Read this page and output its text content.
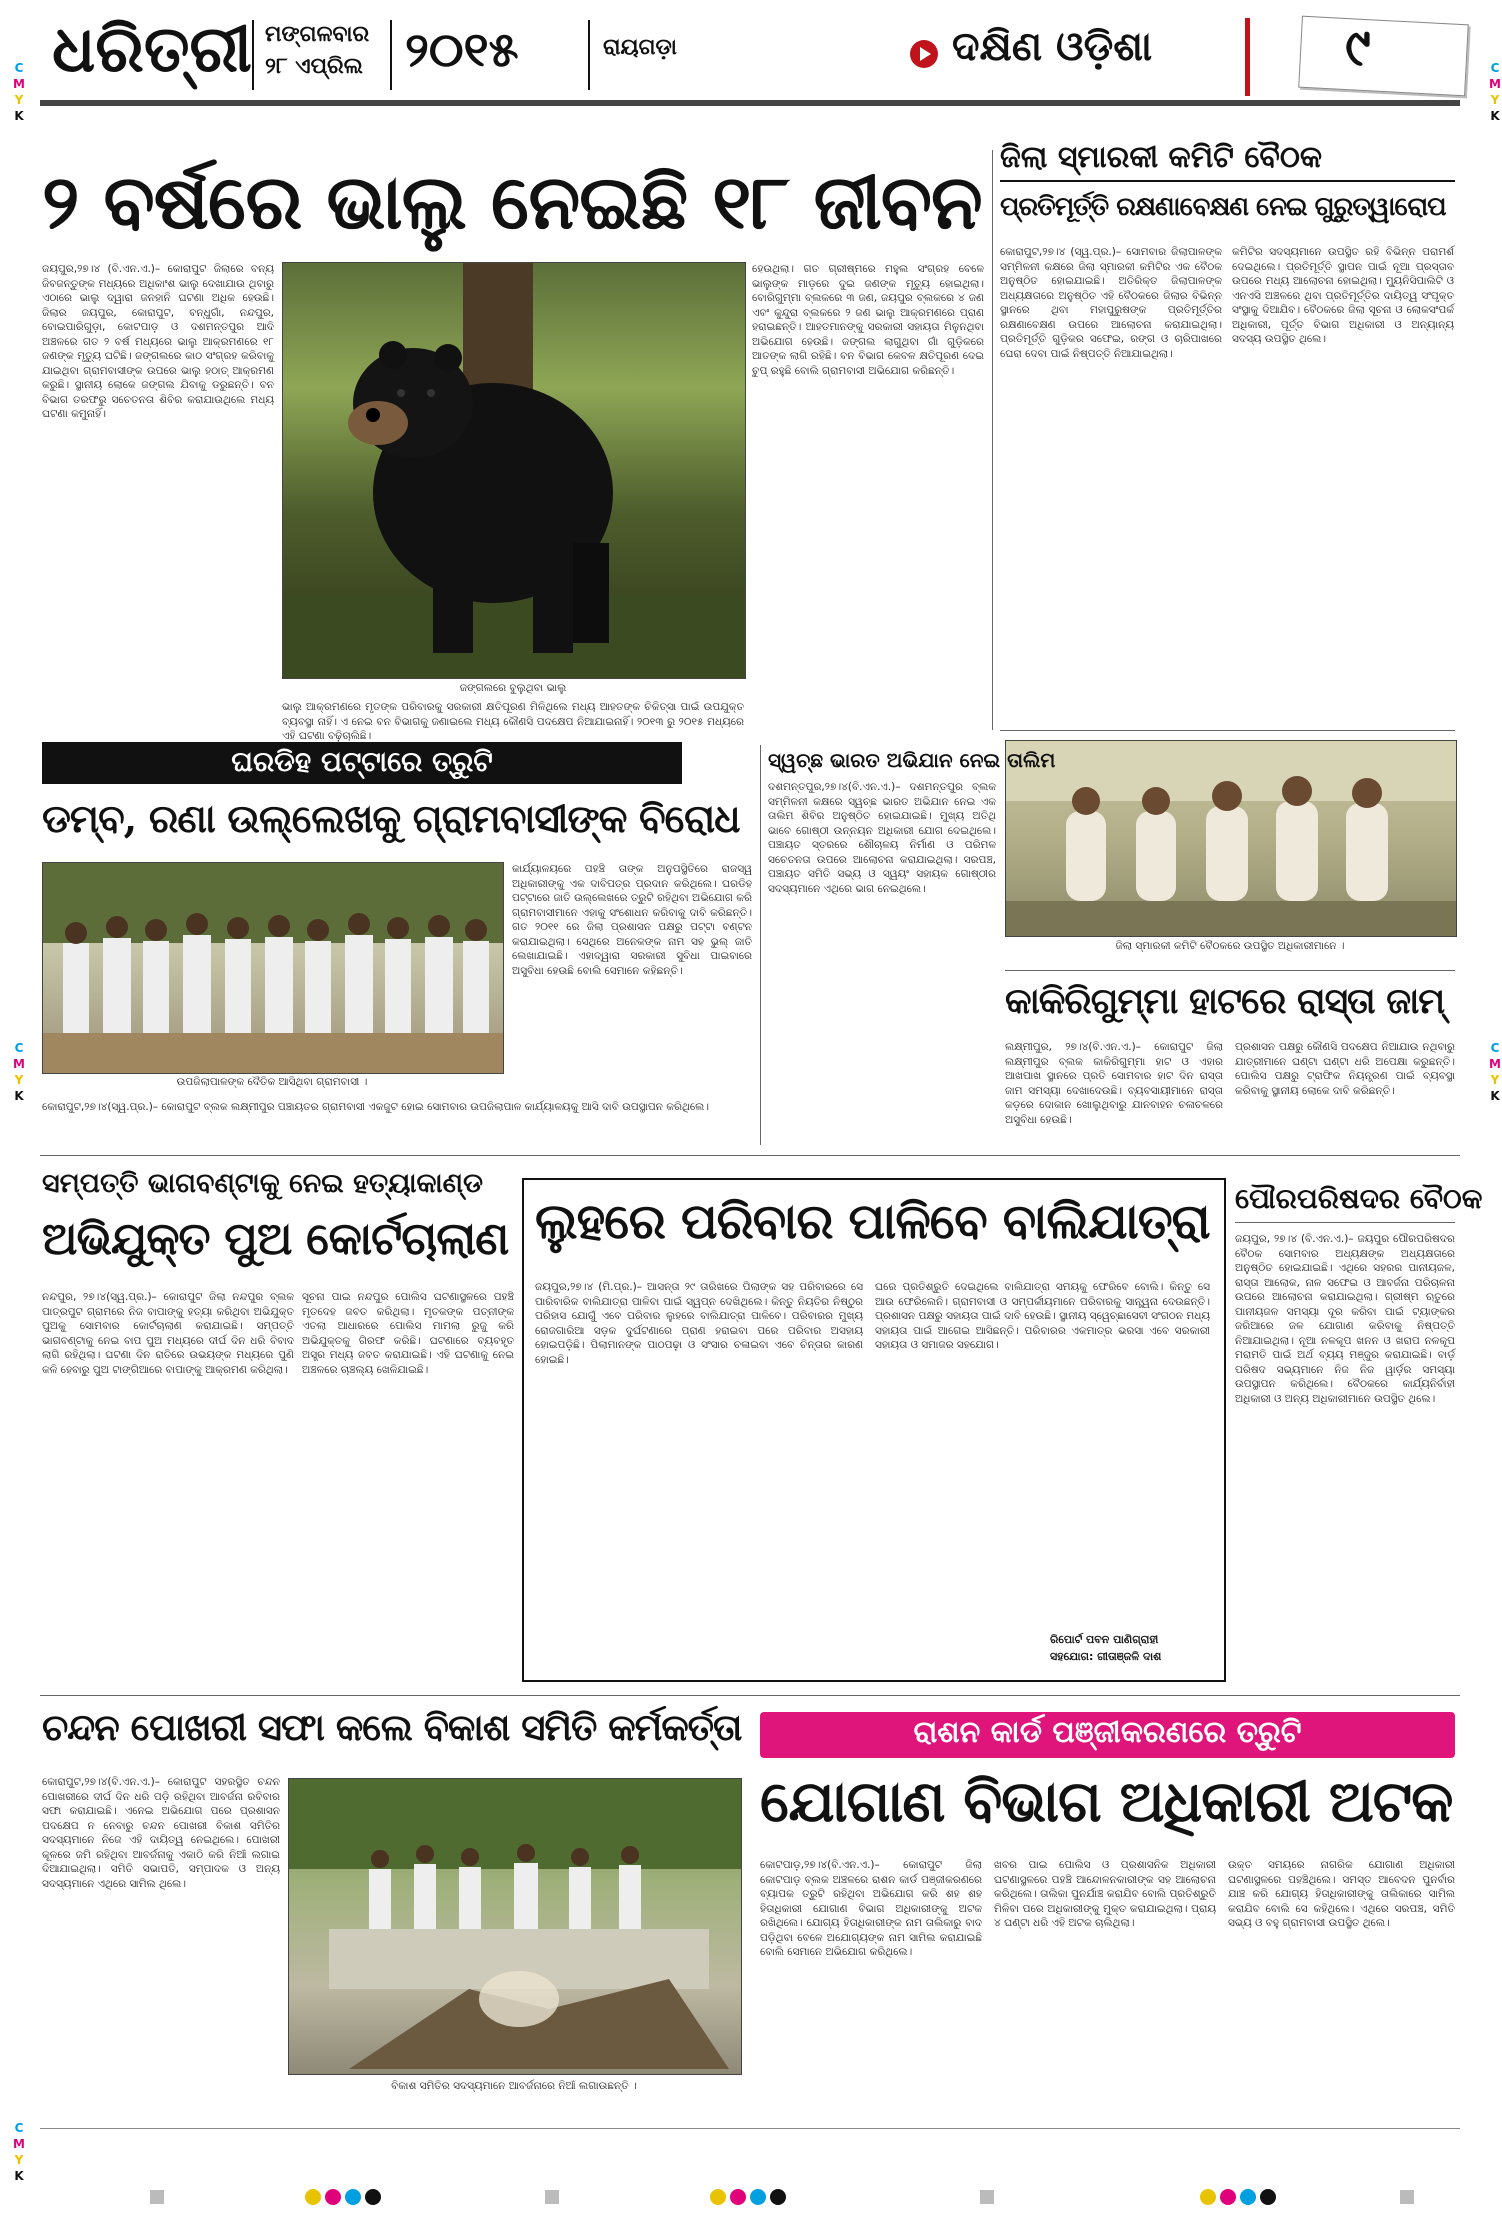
C
M
Y
K
C
M
Y
K
C
M
Y
K
C
M
Y
K
C
M
Y
K
ଧରିତ୍ରୀ ମଙ୍ଗଳବାର
୨୮ ଏପ୍ରିଲ ୨୦୧୫	ରାୟଗଡ଼ା	ଦକ୍ଷିଣ ଓଡ଼ିଶା	୯
୨ ବର୍ଷରେ ଭାଲୁ ନେଇଛି ୧୮ ଜୀବନ
ଜୟପୁର,୨୭।୪ (ବି.ଏନ.ଏ.)– କୋରାପୁଟ ଜିଲାରେ ବନ୍ୟ ଜିବଜନ୍ତୁଙ୍କ ମଧ୍ୟରେ ଅଧିକାଂଶ ଭାଲୁ ଦେଖାଯାଉ ଥିବାରୁ ଏଠାରେ ଭାଲୁ ଦ୍ୱାରା ଜନହାନି ଘଟଣା ଅଧିକ ହେଉଛି। ଜିଲାର ଜୟପୁର, କୋରାପୁଟ, ବନ୍ଧୁଗାଁ, ନନ୍ଦପୁର, ବୋଇପାରିଗୁଡ଼ା, କୋଟପାଡ଼ ଓ ଦଶମନ୍ତପୁର ଆଦି ଅଞ୍ଚଳରେ ଗତ ୨ ବର୍ଷ ମଧ୍ୟରେ ଭାଲୁ ଆକ୍ରମଣରେ ୧୮ ଜଣଙ୍କ ମୃତ୍ୟୁ ଘଟିଛି। ଜଙ୍ଗଲରେ କାଠ ସଂଗ୍ରହ କରିବାକୁ ଯାଇଥିବା ଗ୍ରାମବାସୀଙ୍କ ଉପରେ ଭାଲୁ ହଠାତ୍ ଆକ୍ରମଣ କରୁଛି। ସ୍ଥାନୀୟ ଲୋକେ ଜଙ୍ଗଲ ଯିବାକୁ ଡରୁଛନ୍ତି। ବନ ବିଭାଗ ତରଫରୁ ସଚେତନତା ଶିବିର କରାଯାଉଥିଲେ ମଧ୍ୟ ଘଟଣା କମୁନାହିଁ।
ଜଙ୍ଗଲରେ ବୁଲୁଥିବା ଭାଲୁ
ଭାଲୁ ଆକ୍ରମଣରେ ମୃତଙ୍କ ପରିବାରକୁ ସରକାରୀ କ୍ଷତିପୂରଣ ମିଳିଥିଲେ ମଧ୍ୟ ଆହତଙ୍କ ଚିକିତ୍ସା ପାଇଁ ଉପଯୁକ୍ତ ବ୍ୟବସ୍ଥା ନାହିଁ। ଏ ନେଇ ବନ ବିଭାଗକୁ ଜଣାଇଲେ ମଧ୍ୟ କୌଣସି ପଦକ୍ଷେପ ନିଆଯାଇନାହିଁ। ୨୦୧୩ ରୁ ୨୦୧୫ ମଧ୍ୟରେ ଏହି ଘଟଣା ବଢ଼ିଚାଲିଛି।
ହେଉଥିଲା। ଗତ ଗ୍ରୀଷ୍ମରେ ମହୁଲ ସଂଗ୍ରହ ବେଳେ ଭାଲୁଙ୍କ ମାଡ଼ରେ ଦୁଇ ଜଣଙ୍କ ମୃତ୍ୟୁ ହୋଇଥିଲା। ବୋରିଗୁମ୍ମା ବ୍ଲକରେ ୩ ଜଣ, ଜୟପୁର ବ୍ଲକରେ ୪ ଜଣ ଏବଂ କୁନ୍ଦୁରା ବ୍ଲକରେ ୨ ଜଣ ଭାଲୁ ଆକ୍ରମଣରେ ପ୍ରାଣ ହରାଇଛନ୍ତି। ଆହତମାନଙ୍କୁ ସରକାରୀ ସହାୟତା ମିଳୁନଥିବା ଅଭିଯୋଗ ହେଉଛି। ଜଙ୍ଗଲ ଲାଗୁଥିବା ଗାଁ ଗୁଡ଼ିକରେ ଆତଙ୍କ ଲାଗି ରହିଛି। ବନ ବିଭାଗ କେବଳ କ୍ଷତିପୂରଣ ଦେଇ ଚୁପ୍ ରହୁଛି ବୋଲି ଗ୍ରାମବାସୀ ଅଭିଯୋଗ କରିଛନ୍ତି।
ଜିଲା ସ୍ମାରକୀ କମିଟି ବୈଠକ
ପ୍ରତିମୂର୍ତ୍ତି ରକ୍ଷଣାବେକ୍ଷଣ ନେଇ ଗୁରୁତ୍ୱାରୋପ
କୋରାପୁଟ,୨୭।୪ (ସ୍ୱ.ପ୍ର.)– ସୋମବାର ଜିଲାପାଳଙ୍କ ସମ୍ମିଳନୀ କକ୍ଷରେ ଜିଲା ସ୍ମାରକୀ କମିଟିର ଏକ ବୈଠକ ଅନୁଷ୍ଠିତ ହୋଇଯାଇଛି। ଅତିରିକ୍ତ ଜିଲାପାଳଙ୍କ ଅଧ୍ୟକ୍ଷତାରେ ଅନୁଷ୍ଠିତ ଏହି ବୈଠକରେ ଜିଲାର ବିଭିନ୍ନ ସ୍ଥାନରେ ଥିବା ମହାପୁରୁଷଙ୍କ ପ୍ରତିମୂର୍ତ୍ତିର ରକ୍ଷଣାବେକ୍ଷଣ ଉପରେ ଆଲୋଚନା କରାଯାଇଥିଲା। ପ୍ରତିମୂର୍ତ୍ତି ଗୁଡ଼ିକର ସଫେଇ, ରଙ୍ଗ ଓ ଚାରିପାଖରେ ଘେରା ଦେବା ପାଇଁ ନିଷ୍ପତ୍ତି ନିଆଯାଇଥିଲା।
କମିଟିର ସଦସ୍ୟମାନେ ଉପସ୍ଥିତ ରହି ବିଭିନ୍ନ ପରାମର୍ଶ ଦେଇଥିଲେ। ପ୍ରତିମୂର୍ତ୍ତି ସ୍ଥାପନ ପାଇଁ ନୂଆ ପ୍ରସ୍ତାବ ଉପରେ ମଧ୍ୟ ଆଲୋଚନା ହୋଇଥିଲା। ମ୍ୟୁନିସିପାଲିଟି ଓ ଏନଏସି ଅଞ୍ଚଳରେ ଥିବା ପ୍ରତିମୂର୍ତ୍ତିର ଦାୟିତ୍ୱ ସଂପୃକ୍ତ ସଂସ୍ଥାକୁ ଦିଆଯିବ। ବୈଠକରେ ଜିଲା ସୂଚନା ଓ ଲୋକସଂପର୍କ ଅଧିକାରୀ, ପୂର୍ତ୍ତ ବିଭାଗ ଅଧିକାରୀ ଓ ଅନ୍ୟାନ୍ୟ ସଦସ୍ୟ ଉପସ୍ଥିତ ଥିଲେ।
ଜିଲା ସ୍ମାରକୀ କମିଟି ବୈଠକରେ ଉପସ୍ଥିତ ଅଧିକାରୀମାନେ ।
ଘରଡିହ ପଟ୍ଟାରେ ତ୍ରୁଟି
ଡମ୍ବ, ରଣା ଉଲ୍ଲେଖକୁ ଗ୍ରାମବାସୀଙ୍କ ବିରୋଧ
ଉପଜିଲାପାଳଙ୍କ ଦୈତିକ ଆସିଥିବା ଗ୍ରାମବାସୀ ।
କାର୍ଯ୍ୟାଳୟରେ ପହଞ୍ଚି ତାଙ୍କ ଅନୁପସ୍ଥିତିରେ ରାଜସ୍ୱ ଅଧିକାରୀଙ୍କୁ ଏକ ଦାବିପତ୍ର ପ୍ରଦାନ କରିଥିଲେ। ଘରଡିହ ପଟ୍ଟାରେ ଜାତି ଉଲ୍ଲେଖରେ ତ୍ରୁଟି ରହିଥିବା ଅଭିଯୋଗ କରି ଗ୍ରାମବାସୀମାନେ ଏହାକୁ ସଂଶୋଧନ କରିବାକୁ ଦାବି କରିଛନ୍ତି। ଗତ ୨୦୧୧ ରେ ଜିଲା ପ୍ରଶାସନ ପକ୍ଷରୁ ପଟ୍ଟା ବଣ୍ଟନ କରାଯାଇଥିଲା। ସେଥିରେ ଅନେକଙ୍କ ନାମ ସହ ଭୁଲ୍ ଜାତି ଲେଖାଯାଇଛି। ଏହାଦ୍ୱାରା ସରକାରୀ ସୁବିଧା ପାଇବାରେ ଅସୁବିଧା ହେଉଛି ବୋଲି ସେମାନେ କହିଛନ୍ତି।
କୋରାପୁଟ,୨୭।୪(ସ୍ୱ.ପ୍ର.)– କୋରାପୁଟ ବ୍ଲକ ଲକ୍ଷ୍ମୀପୁର ପଞ୍ଚାୟତର ଗ୍ରାମବାସୀ ଏକଜୁଟ ହୋଇ ସୋମବାର ଉପଜିଲାପାଳ କାର୍ଯ୍ୟାଳୟକୁ ଆସି ଦାବି ଉପସ୍ଥାପନ କରିଥିଲେ।
ସ୍ୱଚ୍ଛ ଭାରତ ଅଭିଯାନ ନେଇ ତାଲିମ
ଦଶମନ୍ତପୁର,୨୭।୪(ବି.ଏନ.ଏ.)– ଦଶମନ୍ତପୁର ବ୍ଲକ ସମ୍ମିଳନୀ କକ୍ଷରେ ସ୍ୱଚ୍ଛ ଭାରତ ଅଭିଯାନ ନେଇ ଏକ ତାଲିମ ଶିବିର ଅନୁଷ୍ଠିତ ହୋଇଯାଇଛି। ମୁଖ୍ୟ ଅତିଥି ଭାବେ ଗୋଷ୍ଠୀ ଉନ୍ନୟନ ଅଧିକାରୀ ଯୋଗ ଦେଇଥିଲେ। ପଞ୍ଚାୟତ ସ୍ତରରେ ଶୌଚାଳୟ ନିର୍ମାଣ ଓ ପରିମଳ ସଚେତନତା ଉପରେ ଆଲୋଚନା କରାଯାଇଥିଲା। ସରପଞ୍ଚ, ପଞ୍ଚାୟତ ସମିତି ସଭ୍ୟ ଓ ସ୍ୱୟଂ ସହାୟକ ଗୋଷ୍ଠୀର ସଦସ୍ୟମାନେ ଏଥିରେ ଭାଗ ନେଇଥିଲେ।
କାକିରିଗୁମ୍ମା ହାଟରେ ରାସ୍ତା ଜାମ୍
ଲକ୍ଷ୍ମୀପୁର, ୨୭।୪(ବି.ଏନ.ଏ.)– କୋରାପୁଟ ଜିଲା ଲକ୍ଷ୍ମୀପୁର ବ୍ଲକ କାକିରିଗୁମ୍ମା ହାଟ ଓ ଏହାର ଆଖପାଖ ସ୍ଥାନରେ ପ୍ରତି ସୋମବାର ହାଟ ଦିନ ରାସ୍ତା ଜାମ ସମସ୍ୟା ଦେଖାଦେଉଛି। ବ୍ୟବସାୟୀମାନେ ରାସ୍ତା କଡ଼ରେ ଦୋକାନ ଖୋଲୁଥିବାରୁ ଯାନବାହନ ଚଳାଚଳରେ ଅସୁବିଧା ହେଉଛି।
ପ୍ରଶାସନ ପକ୍ଷରୁ କୌଣସି ପଦକ୍ଷେପ ନିଆଯାଉ ନଥିବାରୁ ଯାତ୍ରୀମାନେ ଘଣ୍ଟା ଘଣ୍ଟା ଧରି ଅପେକ୍ଷା କରୁଛନ୍ତି। ପୋଲିସ ପକ୍ଷରୁ ଟ୍ରାଫିକ ନିୟନ୍ତ୍ରଣ ପାଇଁ ବ୍ୟବସ୍ଥା କରିବାକୁ ସ୍ଥାନୀୟ ଲୋକେ ଦାବି କରିଛନ୍ତି।
ସମ୍ପତ୍ତି ଭାଗବଣ୍ଟାକୁ ନେଇ ହତ୍ୟାକାଣ୍ଡ
ଅଭିଯୁକ୍ତ ପୁଅ କୋର୍ଟଚାଲାଣ
ନନ୍ଦପୁର, ୨୭।୪(ସ୍ୱ.ପ୍ର.)– କୋରାପୁଟ ଜିଲା ନନ୍ଦପୁର ବ୍ଲକ ପାତ୍ରପୁଟ ଗ୍ରାମରେ ନିଜ ବାପାଙ୍କୁ ହତ୍ୟା କରିଥିବା ଅଭିଯୁକ୍ତ ପୁଅକୁ ସୋମବାର କୋର୍ଟଚାଲାଣ କରାଯାଇଛି। ସମ୍ପତ୍ତି ଭାଗବଣ୍ଟାକୁ ନେଇ ବାପ ପୁଅ ମଧ୍ୟରେ ଦୀର୍ଘ ଦିନ ଧରି ବିବାଦ ଲାଗି ରହିଥିଲା। ଘଟଣା ଦିନ ରାତିରେ ଉଭୟଙ୍କ ମଧ୍ୟରେ ପୁଣି କଳି ହେବାରୁ ପୁଅ ଟାଙ୍ଗିଆରେ ବାପାଙ୍କୁ ଆକ୍ରମଣ କରିଥିଲା।
ସୂଚନା ପାଇ ନନ୍ଦପୁର ପୋଲିସ ଘଟଣାସ୍ଥଳରେ ପହଞ୍ଚି ମୃତଦେହ ଜବତ କରିଥିଲା। ମୃତକଙ୍କ ପତ୍ନୀଙ୍କ ଏତଲା ଆଧାରରେ ପୋଲିସ ମାମଲା ରୁଜୁ କରି ଅଭିଯୁକ୍ତକୁ ଗିରଫ କରିଛି। ଘଟଣାରେ ବ୍ୟବହୃତ ଅସ୍ତ୍ର ମଧ୍ୟ ଜବତ କରାଯାଇଛି। ଏହି ଘଟଣାକୁ ନେଇ ଅଞ୍ଚଳରେ ଚାଞ୍ଚଲ୍ୟ ଖେଳିଯାଇଛି।
ଲୁହରେ ପରିବାର ପାଳିବେ ବାଲିଯାତ୍ରା
ଜୟପୁର,୨୭।୪ (ମି.ପ୍ର.)– ଆସନ୍ତା ୨୯ ତାରିଖରେ ପିଲାଙ୍କ ସହ ପରିବାରରେ ସେ ପାରିବାରିକ ବାଲିଯାତ୍ରା ପାଳିବା ପାଇଁ ସ୍ୱପ୍ନ ଦେଖିଥିଲେ। କିନ୍ତୁ ନିୟତିର ନିଷ୍ଠୁର ପରିହାସ ଯୋଗୁଁ ଏବେ ପରିବାର ଲୁହରେ ବାଲିଯାତ୍ରା ପାଳିବେ। ପରିବାରର ମୁଖ୍ୟ ରୋଜଗାରିଆ ସଡ଼କ ଦୁର୍ଘଟଣାରେ ପ୍ରାଣ ହରାଇବା ପରେ ପରିବାର ଅସହାୟ ହୋଇପଡ଼ିଛି। ପିଲାମାନଙ୍କ ପାଠପଢ଼ା ଓ ସଂସାର ଚଳାଇବା ଏବେ ଚିନ୍ତାର କାରଣ ହୋଇଛି।
ଘରେ ପ୍ରତିଶ୍ରୁତି ଦେଇଥିଲେ ବାଲିଯାତ୍ରା ସମୟକୁ ଫେରିବେ ବୋଲି। କିନ୍ତୁ ସେ ଆଉ ଫେରିଲେନି। ଗ୍ରାମବାସୀ ଓ ସମ୍ପର୍କୀୟମାନେ ପରିବାରକୁ ସାନ୍ତ୍ୱନା ଦେଉଛନ୍ତି। ପ୍ରଶାସନ ପକ୍ଷରୁ ସହାୟତା ପାଇଁ ଦାବି ହେଉଛି। ସ୍ଥାନୀୟ ସ୍ୱେଚ୍ଛାସେବୀ ସଂଗଠନ ମଧ୍ୟ ସହାୟତା ପାଇଁ ଆଗେଇ ଆସିଛନ୍ତି। ପରିବାରର ଏକମାତ୍ର ଭରସା ଏବେ ସରକାରୀ ସହାୟତା ଓ ସମାଜର ସହଯୋଗ।
ରିପୋର୍ଟ ପବନ ପାଣିଗ୍ରାହୀ
ସହଯୋଗ: ଗୀତାଞ୍ଜଳି ଦାଶ
ପୌରପରିଷଦର ବୈଠକ
ଜୟପୁର, ୨୭।୪ (ବି.ଏନ.ଏ.)– ଜୟପୁର ପୌରପରିଷଦର ବୈଠକ ସୋମବାର ଅଧ୍ୟକ୍ଷଙ୍କ ଅଧ୍ୟକ୍ଷତାରେ ଅନୁଷ୍ଠିତ ହୋଇଯାଇଛି। ଏଥିରେ ସହରର ପାନୀୟଜଳ, ରାସ୍ତା ଆଲୋକ, ନାଳ ସଫେଇ ଓ ଆବର୍ଜନା ପରିଚାଳନା ଉପରେ ଆଲୋଚନା କରାଯାଇଥିଲା। ଗ୍ରୀଷ୍ମ ଋତୁରେ ପାନୀୟଜଳ ସମସ୍ୟା ଦୂର କରିବା ପାଇଁ ଟ୍ୟାଙ୍କର ଜରିଆରେ ଜଳ ଯୋଗାଣ କରିବାକୁ ନିଷ୍ପତ୍ତି ନିଆଯାଇଥିଲା। ନୂଆ ନଳକୂପ ଖନନ ଓ ଖରାପ ନଳକୂପ ମରାମତି ପାଇଁ ଅର୍ଥ ବ୍ୟୟ ମଞ୍ଜୁର କରାଯାଇଛି। ବାର୍ଡ଼ ପରିଷଦ ସଭ୍ୟମାନେ ନିଜ ନିଜ ୱାର୍ଡ଼ର ସମସ୍ୟା ଉପସ୍ଥାପନ କରିଥିଲେ। ବୈଠକରେ କାର୍ଯ୍ୟନିର୍ବାହୀ ଅଧିକାରୀ ଓ ଅନ୍ୟ ଅଧିକାରୀମାନେ ଉପସ୍ଥିତ ଥିଲେ।
ଚନ୍ଦନ ପୋଖରୀ ସଫା କଲେ ବିକାଶ ସମିତି କର୍ମକର୍ତ୍ତା
କୋରାପୁଟ,୨୭।୪(ବି.ଏନ.ଏ.)– କୋରାପୁଟ ସହରସ୍ଥିତ ଚନ୍ଦନ ପୋଖରୀରେ ଦୀର୍ଘ ଦିନ ଧରି ପଡ଼ି ରହିଥିବା ଆବର୍ଜନା ରବିବାର ସଫା କରାଯାଇଛି। ଏନେଇ ଅଭିଯୋଗ ପରେ ପ୍ରଶାସନ ପଦକ୍ଷେପ ନ ନେବାରୁ ଚନ୍ଦନ ପୋଖରୀ ବିକାଶ ସମିତିର ସଦସ୍ୟମାନେ ନିଜେ ଏହି ଦାୟିତ୍ୱ ନେଇଥିଲେ। ପୋଖରୀ କୂଳରେ ଜମି ରହିଥିବା ଆବର୍ଜନାକୁ ଏକାଠି କରି ନିଆଁ ଲଗାଇ ଦିଆଯାଇଥିଲା। ସମିତି ସଭାପତି, ସମ୍ପାଦକ ଓ ଅନ୍ୟ ସଦସ୍ୟମାନେ ଏଥିରେ ସାମିଲ ଥିଲେ।
ବିକାଶ ସମିତିର ସଦସ୍ୟମାନେ ଆବର୍ଜନାରେ ନିଆଁ ଲଗାଉଛନ୍ତି ।
ରାଶନ କାର୍ଡ ପଞ୍ଜୀକରଣରେ ତ୍ରୁଟି
ଯୋଗାଣ ବିଭାଗ ଅଧିକାରୀ ଅଟକ
କୋଟପାଡ଼,୨୭।୪(ବି.ଏନ.ଏ.)– କୋରାପୁଟ ଜିଲା କୋଟପାଡ଼ ବ୍ଲକ ଅଞ୍ଚଳରେ ରାଶନ କାର୍ଡ ପଞ୍ଜୀକରଣରେ ବ୍ୟାପକ ତ୍ରୁଟି ରହିଥିବା ଅଭିଯୋଗ କରି ଶହ ଶହ ହିତାଧିକାରୀ ଯୋଗାଣ ବିଭାଗ ଅଧିକାରୀଙ୍କୁ ଅଟକ ରଖିଥିଲେ। ଯୋଗ୍ୟ ହିତାଧିକାରୀଙ୍କ ନାମ ତାଲିକାରୁ ବାଦ ପଡ଼ିଥିବା ବେଳେ ଅଯୋଗ୍ୟଙ୍କ ନାମ ସାମିଲ କରାଯାଇଛି ବୋଲି ସେମାନେ ଅଭିଯୋଗ କରିଥିଲେ।
ଖବର ପାଇ ପୋଲିସ ଓ ପ୍ରଶାସନିକ ଅଧିକାରୀ ଘଟଣାସ୍ଥଳରେ ପହଞ୍ଚି ଆନ୍ଦୋଳନକାରୀଙ୍କ ସହ ଆଲୋଚନା କରିଥିଲେ। ତାଲିକା ପୁନର୍ଯାଞ୍ଚ କରାଯିବ ବୋଲି ପ୍ରତିଶ୍ରୁତି ମିଳିବା ପରେ ଅଧିକାରୀଙ୍କୁ ମୁକ୍ତ କରାଯାଇଥିଲା। ପ୍ରାୟ ୪ ଘଣ୍ଟା ଧରି ଏହି ଅଟକ ଚାଲିଥିଲା।
ଉକ୍ତ ସମୟରେ ନାଗରିକ ଯୋଗାଣ ଅଧିକାରୀ ଘଟଣାସ୍ଥଳରେ ପହଞ୍ଚିଥିଲେ। ସମସ୍ତ ଆବେଦନ ପୁନର୍ବାର ଯାଞ୍ଚ କରି ଯୋଗ୍ୟ ହିତାଧିକାରୀଙ୍କୁ ତାଲିକାରେ ସାମିଲ କରାଯିବ ବୋଲି ସେ କହିଥିଲେ। ଏଥିରେ ସରପଞ୍ଚ, ସମିତି ସଭ୍ୟ ଓ ବହୁ ଗ୍ରାମବାସୀ ଉପସ୍ଥିତ ଥିଲେ।
